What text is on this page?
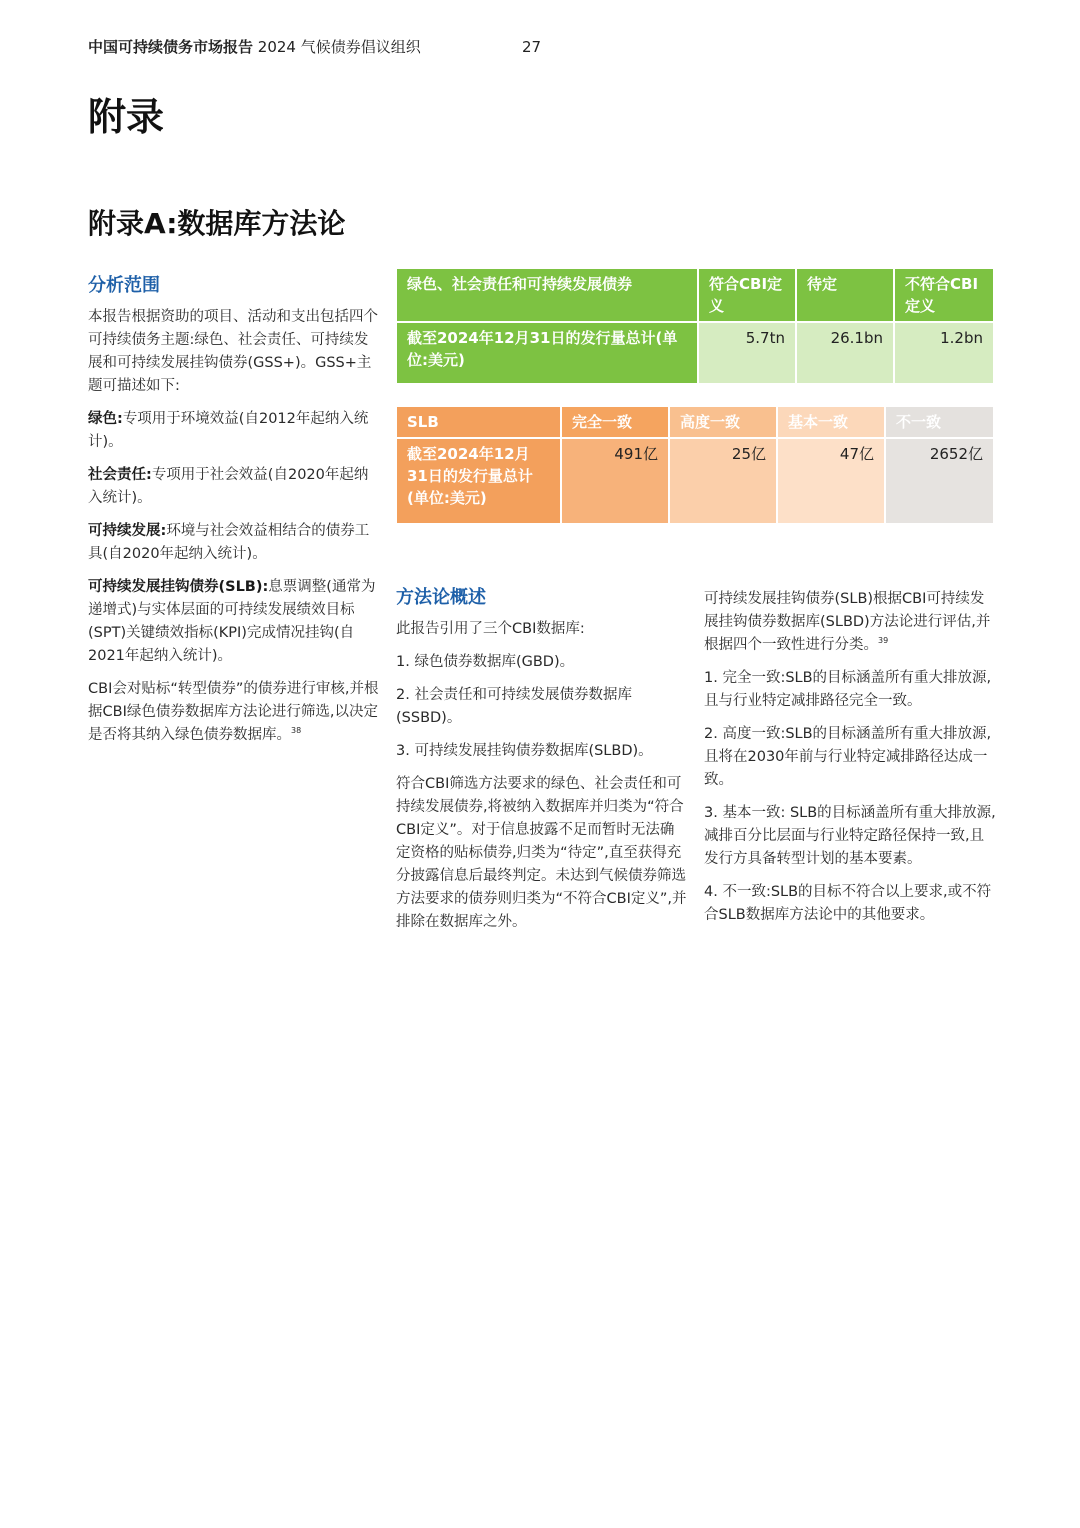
中国可持续债务市场报告 2024 气候债券倡议组织	27
附录
附录A:数据库方法论
分析范围

本报告根据资助的项目、活动和支出包括四个可持续债务主题:绿色、社会责任、可持续发展和可持续发展挂钩债券(GSS+)。GSS+主题可描述如下:

绿色:专项用于环境效益(自2012年起纳入统计)。

社会责任:专项用于社会效益(自2020年起纳入统计)。

可持续发展:环境与社会效益相结合的债券工具(自2020年起纳入统计)。

可持续发展挂钩债券(SLB):息票调整(通常为递增式)与实体层面的可持续发展绩效目标(SPT)关键绩效指标(KPI)完成情况挂钩(自2021年起纳入统计)。

CBI会对贴标“转型债券”的债券进行审核,并根据CBI绿色债券数据库方法论进行筛选,以决定是否将其纳入绿色债券数据库。$^{38}$

绿色、社会责任和可持续发展债券	符合CBI定义	待定	不符合CBI定义
截至2024年12月31日的发行量总计(单位:美元)	5.7tn	26.1bn	1.2bn
SLB	完全一致	高度一致	基本一致	不一致
截至2024年12月31日的发行量总计(单位:美元)	491亿	25亿	47亿	2652亿
方法论概述

此报告引用了三个CBI数据库:

1. 绿色债券数据库(GBD)。

2. 社会责任和可持续发展债券数据库(SSBD)。

3. 可持续发展挂钩债券数据库(SLBD)。

符合CBI筛选方法要求的绿色、社会责任和可持续发展债券,将被纳入数据库并归类为“符合CBI定义”。对于信息披露不足而暂时无法确定资格的贴标债券,归类为“待定”,直至获得充分披露信息后最终判定。未达到气候债券筛选方法要求的债券则归类为“不符合CBI定义”,并排除在数据库之外。

可持续发展挂钩债券(SLB)根据CBI可持续发展挂钩债券数据库(SLBD)方法论进行评估,并根据四个一致性进行分类。$^{39}$

1. 完全一致:SLB的目标涵盖所有重大排放源,且与行业特定减排路径完全一致。

2. 高度一致:SLB的目标涵盖所有重大排放源,且将在2030年前与行业特定减排路径达成一致。

3. 基本一致: SLB的目标涵盖所有重大排放源,减排百分比层面与行业特定路径保持一致,且发行方具备转型计划的基本要素。

4. 不一致:SLB的目标不符合以上要求,或不符合SLB数据库方法论中的其他要求。
